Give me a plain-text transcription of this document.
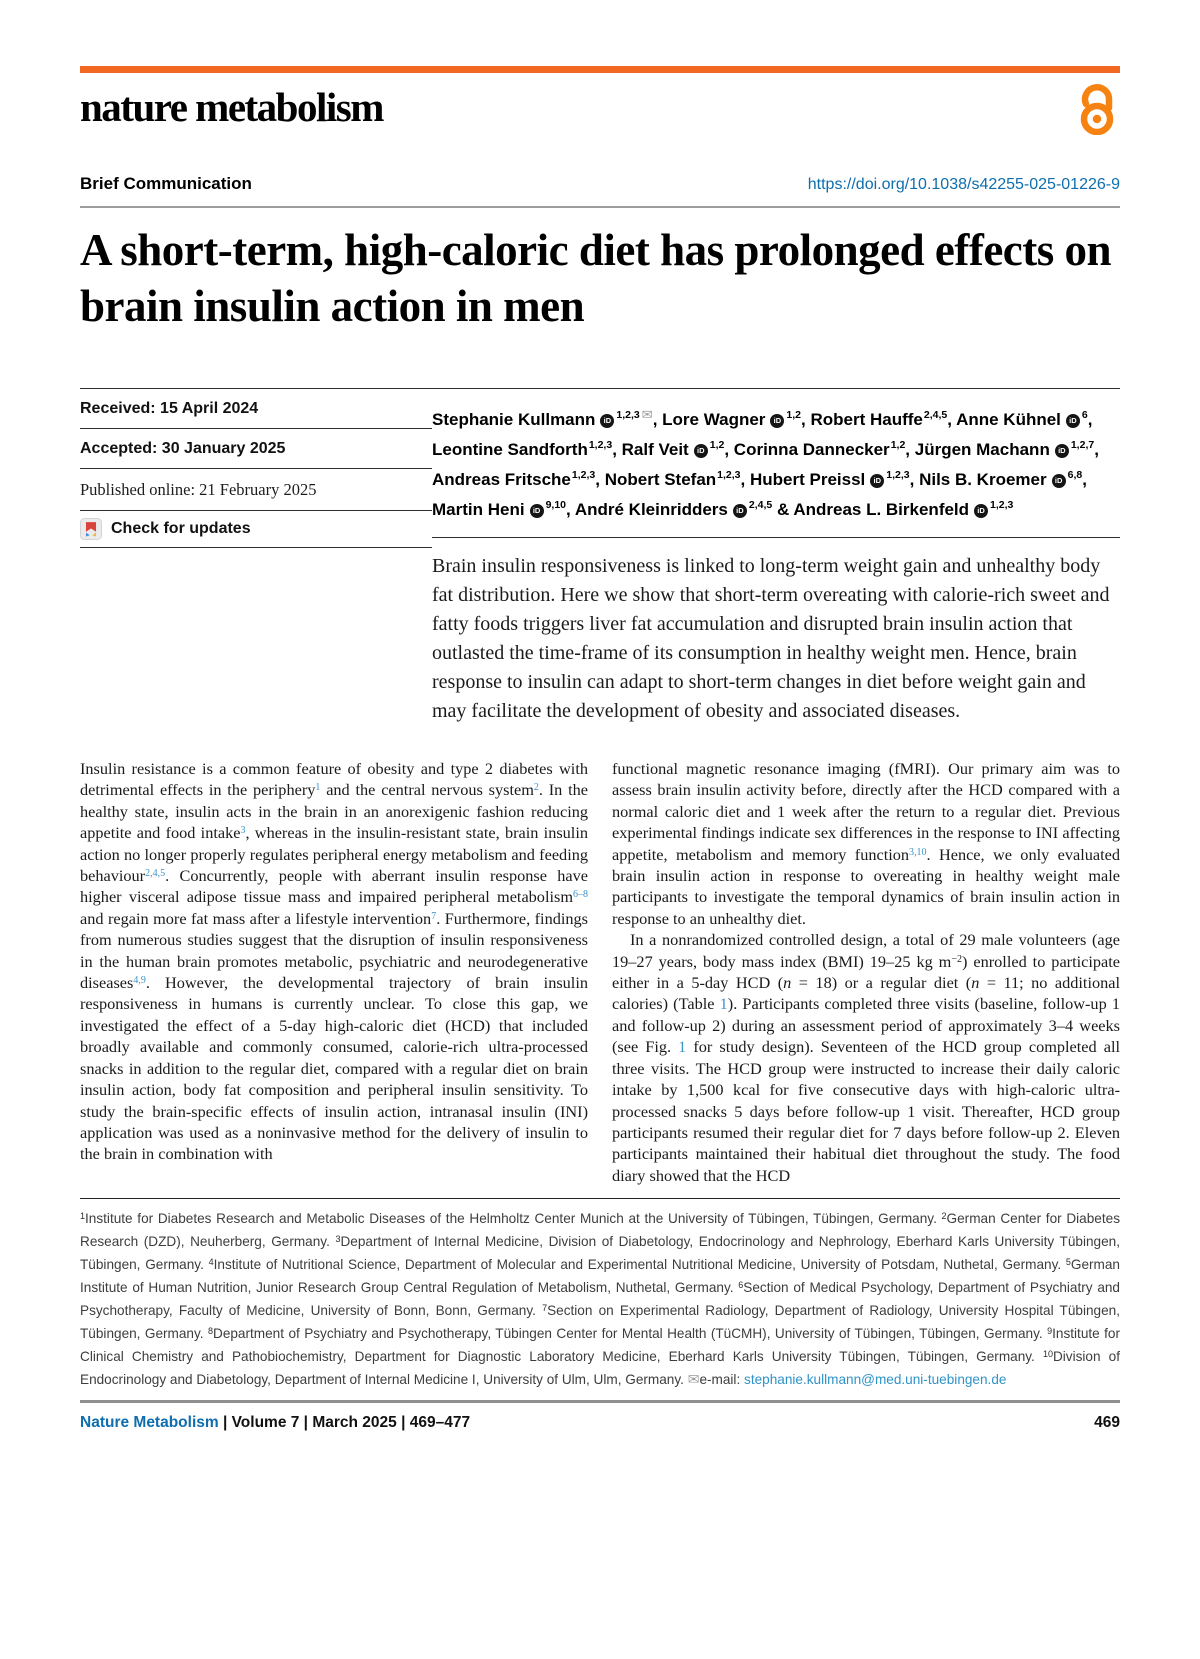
nature metabolism
Brief Communication	https://doi.org/10.1038/s42255-025-01226-9
A short-term, high-caloric diet has prolonged effects on brain insulin action in men
Received: 15 April 2024
Accepted: 30 January 2025
Published online: 21 February 2025
Check for updates
Stephanie Kullmann iD $^{1,2,3}$ ✉, Lore Wagner iD $^{1,2}$, Robert Hauffe$^{2,4,5}$, Anne Kühnel iD $^6$, Leontine Sandforth$^{1,2,3}$, Ralf Veit iD $^{1,2}$, Corinna Dannecker$^{1,2}$, Jürgen Machann iD $^{1,2,7}$, Andreas Fritsche$^{1,2,3}$, Nobert Stefan$^{1,2,3}$, Hubert Preissl iD $^{1,2,3}$, Nils B. Kroemer iD $^{6,8}$, Martin Heni iD $^{9,10}$, André Kleinridders iD $^{2,4,5}$ & Andreas L. Birkenfeld iD $^{1,2,3}$
Brain insulin responsiveness is linked to long-term weight gain and unhealthy body fat distribution. Here we show that short-term overeating with calorie-rich sweet and fatty foods triggers liver fat accumulation and disrupted brain insulin action that outlasted the time-frame of its consumption in healthy weight men. Hence, brain response to insulin can adapt to short-term changes in diet before weight gain and may facilitate the development of obesity and associated diseases.

Insulin resistance is a common feature of obesity and type 2 diabetes with detrimental effects in the periphery$^1$ and the central nervous system$^2$. In the healthy state, insulin acts in the brain in an anorexigenic fashion reducing appetite and food intake$^3$, whereas in the insulin-resistant state, brain insulin action no longer properly regulates peripheral energy metabolism and feeding behaviour$^{2,4,5}$. Concurrently, people with aberrant insulin response have higher visceral adipose tissue mass and impaired peripheral metabolism$^{6-8}$ and regain more fat mass after a lifestyle intervention$^7$. Furthermore, findings from numerous studies suggest that the disruption of insulin responsiveness in the human brain promotes metabolic, psychiatric and neurodegenerative diseases$^{4,9}$. However, the developmental trajectory of brain insulin responsiveness in humans is currently unclear. To close this gap, we investigated the effect of a 5-day high-caloric diet (HCD) that included broadly available and commonly consumed, calorie-rich ultra-processed snacks in addition to the regular diet, compared with a regular diet on brain insulin action, body fat composition and peripheral insulin sensitivity. To study the brain-specific effects of insulin action, intranasal insulin (INI) application was used as a noninvasive method for the delivery of insulin to the brain in combination with

functional magnetic resonance imaging (fMRI). Our primary aim was to assess brain insulin activity before, directly after the HCD compared with a normal caloric diet and 1 week after the return to a regular diet. Previous experimental findings indicate sex differences in the response to INI affecting appetite, metabolism and memory function$^{3,10}$. Hence, we only evaluated brain insulin action in response to overeating in healthy weight male participants to investigate the temporal dynamics of brain insulin action in response to an unhealthy diet.

In a nonrandomized controlled design, a total of 29 male volunteers (age 19–27 years, body mass index (BMI) 19–25 kg $m^{-2}$) enrolled to participate either in a 5-day HCD (n = 18) or a regular diet (n = 11; no additional calories) (Table 1). Participants completed three visits (baseline, follow-up 1 and follow-up 2) during an assessment period of approximately 3–4 weeks (see Fig. 1 for study design). Seventeen of the HCD group completed all three visits. The HCD group were instructed to increase their daily caloric intake by 1,500 kcal for five consecutive days with high-caloric ultra-processed snacks 5 days before follow-up 1 visit. Thereafter, HCD group participants resumed their regular diet for 7 days before follow-up 2. Eleven participants maintained their habitual diet throughout the study. The food diary showed that the HCD

$^1$Institute for Diabetes Research and Metabolic Diseases of the Helmholtz Center Munich at the University of Tübingen, Tübingen, Germany. $^2$German Center for Diabetes Research (DZD), Neuherberg, Germany. $^3$Department of Internal Medicine, Division of Diabetology, Endocrinology and Nephrology, Eberhard Karls University Tübingen, Tübingen, Germany. $^4$Institute of Nutritional Science, Department of Molecular and Experimental Nutritional Medicine, University of Potsdam, Nuthetal, Germany. $^5$German Institute of Human Nutrition, Junior Research Group Central Regulation of Metabolism, Nuthetal, Germany. $^6$Section of Medical Psychology, Department of Psychiatry and Psychotherapy, Faculty of Medicine, University of Bonn, Bonn, Germany. $^7$Section on Experimental Radiology, Department of Radiology, University Hospital Tübingen, Tübingen, Germany. $^8$Department of Psychiatry and Psychotherapy, Tübingen Center for Mental Health (TüCMH), University of Tübingen, Tübingen, Germany. $^9$Institute for Clinical Chemistry and Pathobiochemistry, Department for Diagnostic Laboratory Medicine, Eberhard Karls University Tübingen, Tübingen, Germany. $^{10}$Division of Endocrinology and Diabetology, Department of Internal Medicine I, University of Ulm, Ulm, Germany. ✉e-mail: stephanie.kullmann@med.uni-tuebingen.de
Nature Metabolism | Volume 7 | March 2025 | 469–477	469
